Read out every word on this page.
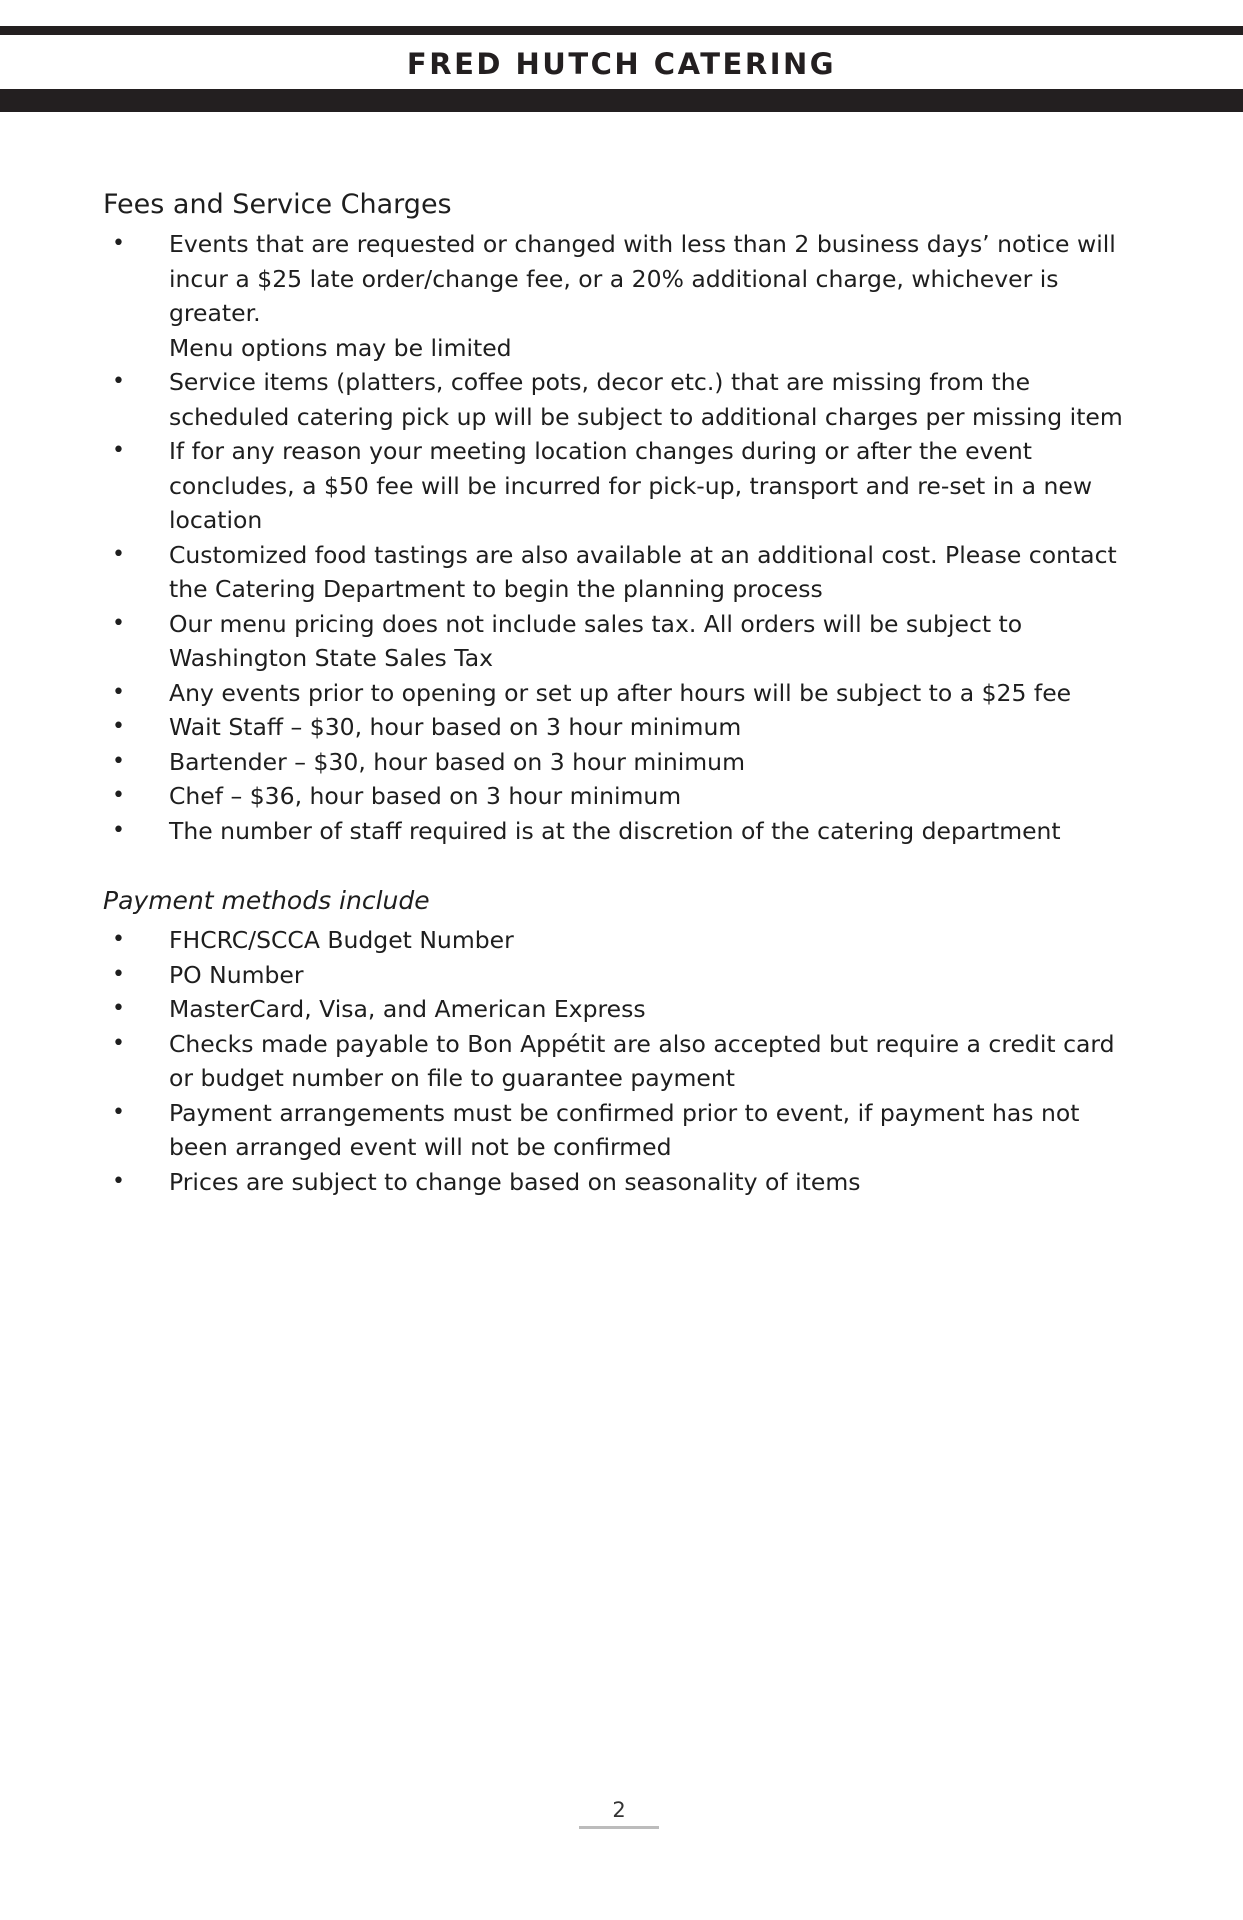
FRED HUTCH CATERING
Fees and Service Charges
• Events that are requested or changed with less than 2 business days’ notice will incur a $25 late order/change fee, or a 20% additional charge, whichever is greater.
Menu options may be limited
• Service items (platters, coffee pots, decor etc.) that are missing from the scheduled catering pick up will be subject to additional charges per missing item
• If for any reason your meeting location changes during or after the event concludes, a $50 fee will be incurred for pick-up, transport and re-set in a new location
• Customized food tastings are also available at an additional cost. Please contact the Catering Department to begin the planning process
• Our menu pricing does not include sales tax. All orders will be subject to Washington State Sales Tax
• Any events prior to opening or set up after hours will be subject to a $25 fee
• Wait Staff – $30, hour based on 3 hour minimum
• Bartender – $30, hour based on 3 hour minimum
• Chef – $36, hour based on 3 hour minimum
• The number of staff required is at the discretion of the catering department
Payment methods include
• FHCRC/SCCA Budget Number
• PO Number
• MasterCard, Visa, and American Express
• Checks made payable to Bon Appétit are also accepted but require a credit card or budget number on file to guarantee payment
• Payment arrangements must be confirmed prior to event, if payment has not been arranged event will not be confirmed
• Prices are subject to change based on seasonality of items
2
